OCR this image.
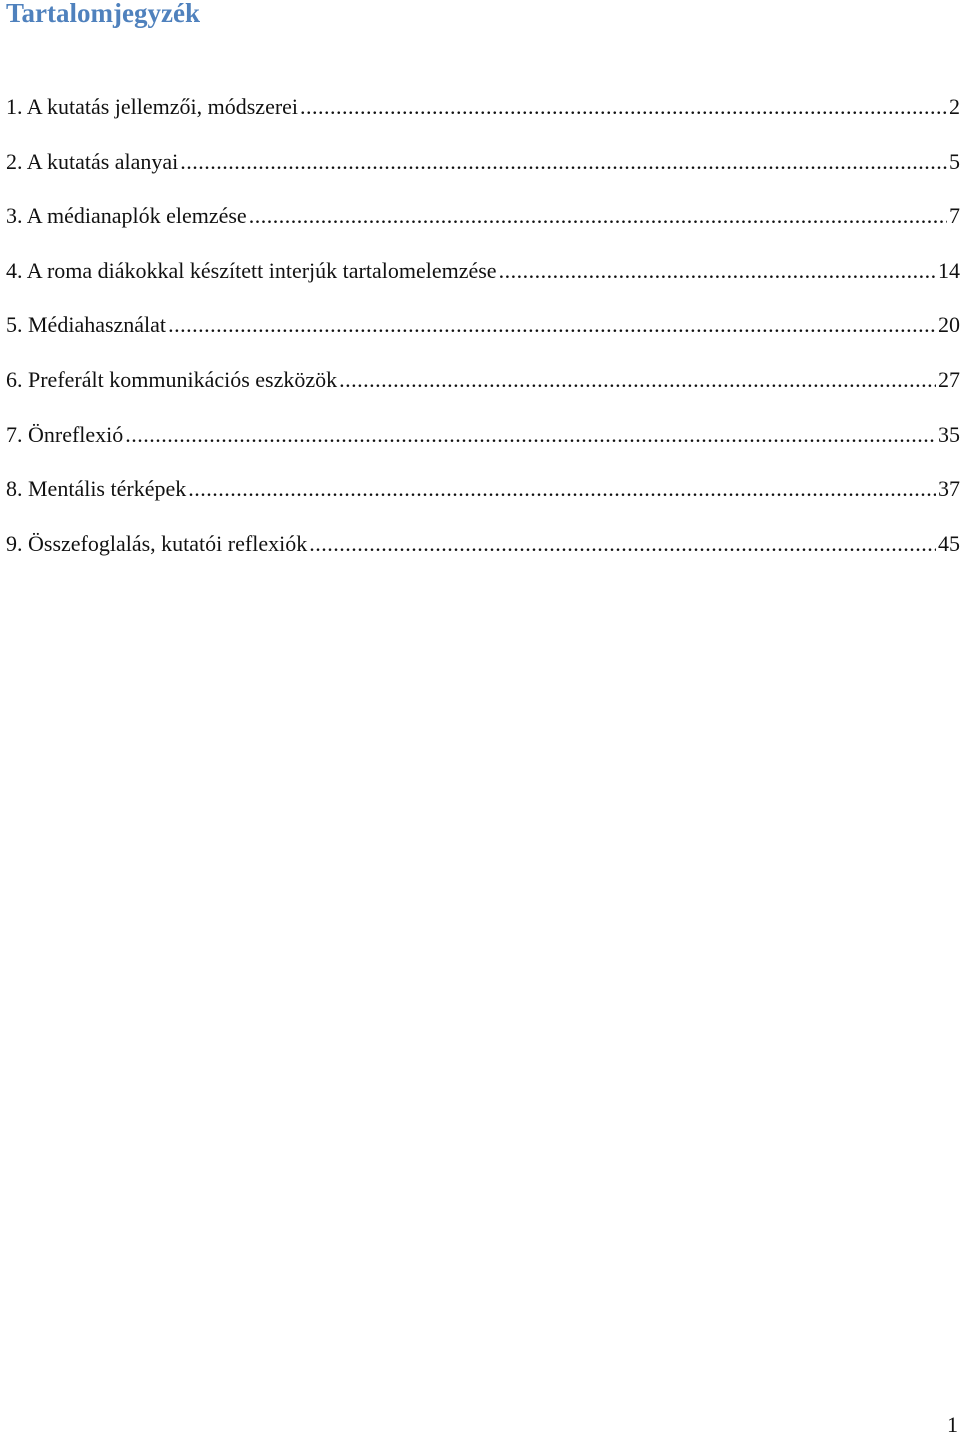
Tartalomjegyzék
1. A kutatás jellemzői, módszerei .....	2
2. A kutatás alanyai .....	5
3. A médianaplók elemzése .....	7
4. A roma diákokkal készített interjúk tartalomelemzése .....	14
5. Médiahasználat .....	20
6. Preferált kommunikációs eszközök .....	27
7. Önreflexió .....	35
8. Mentális térképek .....	37
9. Összefoglalás, kutatói reflexiók .....	45
1
